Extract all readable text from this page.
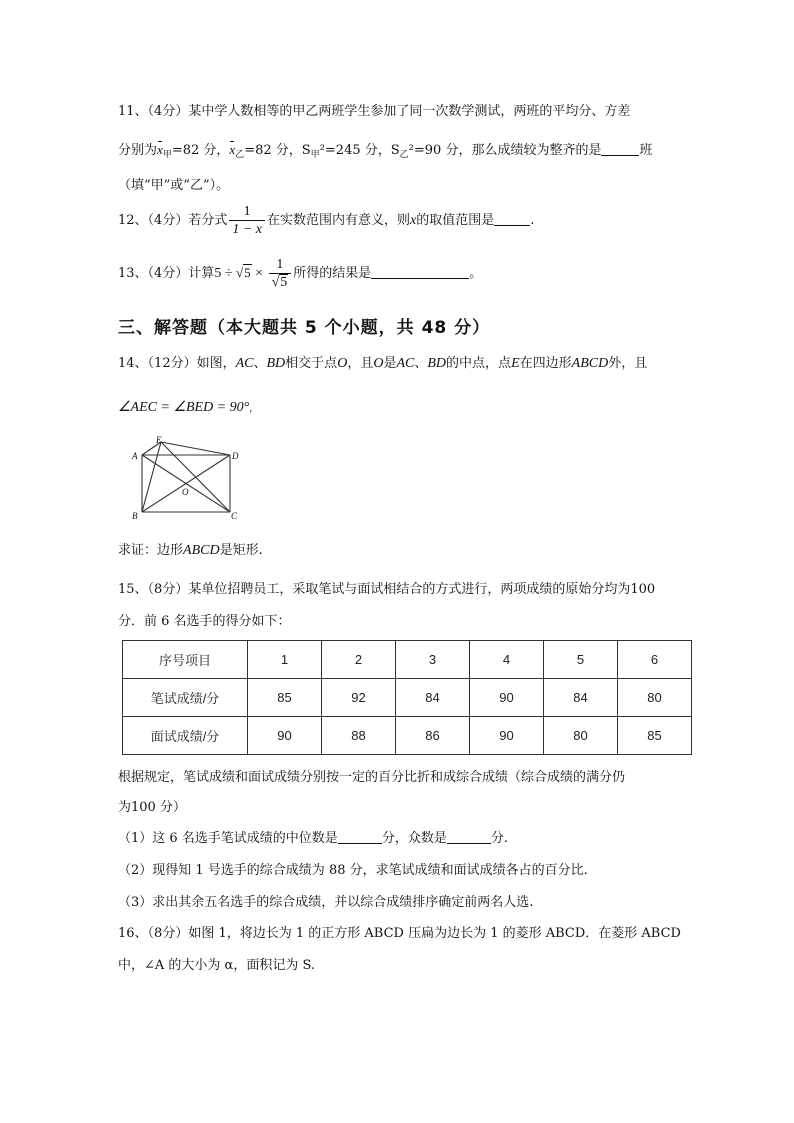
11、（4分）某中学人数相等的甲乙两班学生参加了同一次数学测试，两班的平均分、方差
分别为$x_甲=82$ 分，$x_乙=82$ 分，$S_甲^2=245$ 分，$S_乙^2=90$ 分，那么成绩较为整齐的是	班
（填“甲”或“乙”）。
12、（4分）若分式 $\frac{1}{1 - x}$ 在实数范围内有意义，则x的取值范围是	.
13、（4分）计算$5 \div √5 \times \frac{1}{√5}$ 所得的结果是	。
三、解答题（本大题共 5 个小题，共 48 分）
14、（12分）如图，AC、BD相交于点O，且O是AC、BD的中点，点E在四边形ABCD外，且
∠AEC = ∠BED = 90°，
E
A	D
O
B	C
求证：边形ABCD是矩形.
15、（8分）某单位招聘员工，采取笔试与面试相结合的方式进行，两项成绩的原始分均为100
分．前 6 名选手的得分如下：
序号项目	1	2	3	4	5	6
笔试成绩/分	85	92	84	90	84	80
面试成绩/分	90	88	86	90	80	85
根据规定，笔试成绩和面试成绩分别按一定的百分比折和成综合成绩（综合成绩的满分仍
为100 分）
（1）这 6 名选手笔试成绩的中位数是	分，众数是	分.
（2）现得知 1 号选手的综合成绩为 88 分，求笔试成绩和面试成绩各占的百分比.
（3）求出其余五名选手的综合成绩，并以综合成绩排序确定前两名人选.
16、（8分）如图 1，将边长为 1 的正方形 ABCD 压扁为边长为 1 的菱形 ABCD．在菱形 ABCD
中，∠A 的大小为 α，面积记为 S.
